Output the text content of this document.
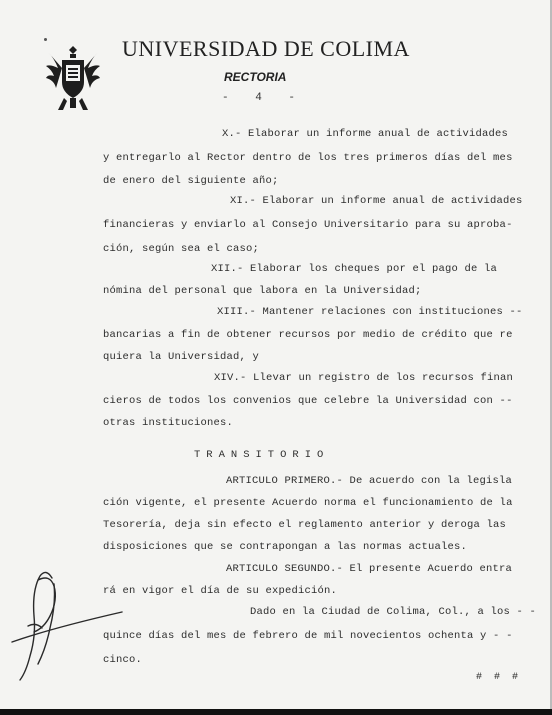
UNIVERSIDAD DE COLIMA
RECTORIA
- 4 -
X.- Elaborar un informe anual de actividades
y entregarlo al Rector dentro de los tres primeros días del mes
de enero del siguiente año;
XI.- Elaborar un informe anual de actividades
financieras y enviarlo al Consejo Universitario para su aproba-
ción, según sea el caso;
XII.- Elaborar los cheques por el pago de la
nómina del personal que labora en la Universidad;
XIII.- Mantener relaciones con instituciones --
bancarias a fin de obtener recursos por medio de crédito que re
quiera la Universidad, y
XIV.- Llevar un registro de los recursos finan
cieros de todos los convenios que celebre la Universidad con --
otras instituciones.
TRANSITORIO
ARTICULO PRIMERO.- De acuerdo con la legisla
ción vigente, el presente Acuerdo norma el funcionamiento de la
Tesorería, deja sin efecto el reglamento anterior y deroga las
disposiciones que se contrapongan a las normas actuales.
ARTICULO SEGUNDO.- El presente Acuerdo entra
rá en vigor el día de su expedición.
Dado en la Ciudad de Colima, Col., a los - -
quince días del mes de febrero de mil novecientos ochenta y - -
cinco.
# # #
